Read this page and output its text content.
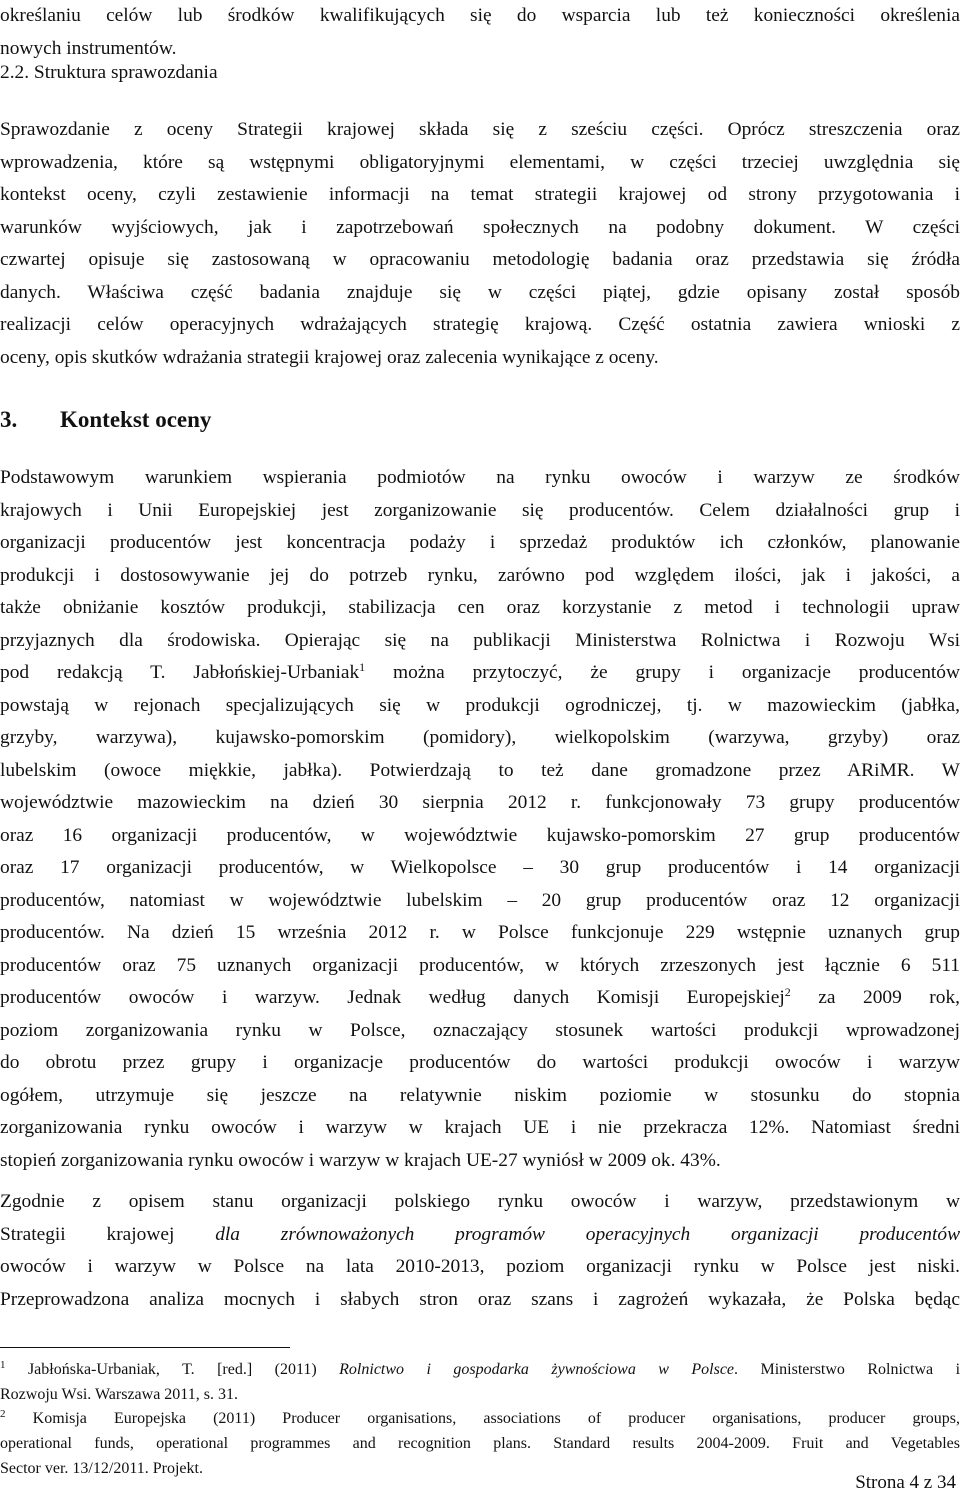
określaniu celów lub środków kwalifikujących się do wsparcia lub też konieczności określenia
nowych instrumentów.
2.2. Struktura sprawozdania
Sprawozdanie z oceny Strategii krajowej składa się z sześciu części. Oprócz streszczenia oraz
wprowadzenia, które są wstępnymi obligatoryjnymi elementami, w części trzeciej uwzględnia się
kontekst oceny, czyli zestawienie informacji na temat strategii krajowej od strony przygotowania i
warunków wyjściowych, jak i zapotrzebowań społecznych na podobny dokument. W części
czwartej opisuje się zastosowaną w opracowaniu metodologię badania oraz przedstawia się źródła
danych. Właściwa część badania znajduje się w części piątej, gdzie opisany został sposób
realizacji celów operacyjnych wdrażających strategię krajową. Część ostatnia zawiera wnioski z
oceny, opis skutków wdrażania strategii krajowej oraz zalecenia wynikające z oceny.
3. Kontekst oceny
Podstawowym warunkiem wspierania podmiotów na rynku owoców i warzyw ze środków
krajowych i Unii Europejskiej jest zorganizowanie się producentów. Celem działalności grup i
organizacji producentów jest koncentracja podaży i sprzedaż produktów ich członków, planowanie
produkcji i dostosowywanie jej do potrzeb rynku, zarówno pod względem ilości, jak i jakości, a
także obniżanie kosztów produkcji, stabilizacja cen oraz korzystanie z metod i technologii upraw
przyjaznych dla środowiska. Opierając się na publikacji Ministerstwa Rolnictwa i Rozwoju Wsi
pod redakcją T. Jabłońskiej-Urbaniak$^1$ można przytoczyć, że grupy i organizacje producentów
powstają w rejonach specjalizujących się w produkcji ogrodniczej, tj. w mazowieckim (jabłka,
grzyby, warzywa), kujawsko-pomorskim (pomidory), wielkopolskim (warzywa, grzyby) oraz
lubelskim (owoce miękkie, jabłka). Potwierdzają to też dane gromadzone przez ARiMR. W
województwie mazowieckim na dzień 30 sierpnia 2012 r. funkcjonowały 73 grupy producentów
oraz 16 organizacji producentów, w województwie kujawsko-pomorskim 27 grup producentów
oraz 17 organizacji producentów, w Wielkopolsce – 30 grup producentów i 14 organizacji
producentów, natomiast w województwie lubelskim – 20 grup producentów oraz 12 organizacji
producentów. Na dzień 15 września 2012 r. w Polsce funkcjonuje 229 wstępnie uznanych grup
producentów oraz 75 uznanych organizacji producentów, w których zrzeszonych jest łącznie 6 511
producentów owoców i warzyw. Jednak według danych Komisji Europejskiej$^2$ za 2009 rok,
poziom zorganizowania rynku w Polsce, oznaczający stosunek wartości produkcji wprowadzonej
do obrotu przez grupy i organizacje producentów do wartości produkcji owoców i warzyw
ogółem, utrzymuje się jeszcze na relatywnie niskim poziomie w stosunku do stopnia
zorganizowania rynku owoców i warzyw w krajach UE i nie przekracza 12%. Natomiast średni
stopień zorganizowania rynku owoców i warzyw w krajach UE-27 wyniósł w 2009 ok. 43%.
Zgodnie z opisem stanu organizacji polskiego rynku owoców i warzyw, przedstawionym w
Strategii krajowej dla zrównoważonych programów operacyjnych organizacji producentów
owoców i warzyw w Polsce na lata 2010-2013, poziom organizacji rynku w Polsce jest niski.
Przeprowadzona analiza mocnych i słabych stron oraz szans i zagrożeń wykazała, że Polska będąc
$^1$ Jabłońska-Urbaniak, T. [red.] (2011) Rolnictwo i gospodarka żywnościowa w Polsce. Ministerstwo Rolnictwa i
Rozwoju Wsi. Warszawa 2011, s. 31.
$^2$ Komisja Europejska (2011) Producer organisations, associations of producer organisations, producer groups,
operational funds, operational programmes and recognition plans. Standard results 2004-2009. Fruit and Vegetables
Sector ver. 13/12/2011. Projekt.
Strona 4 z 34
